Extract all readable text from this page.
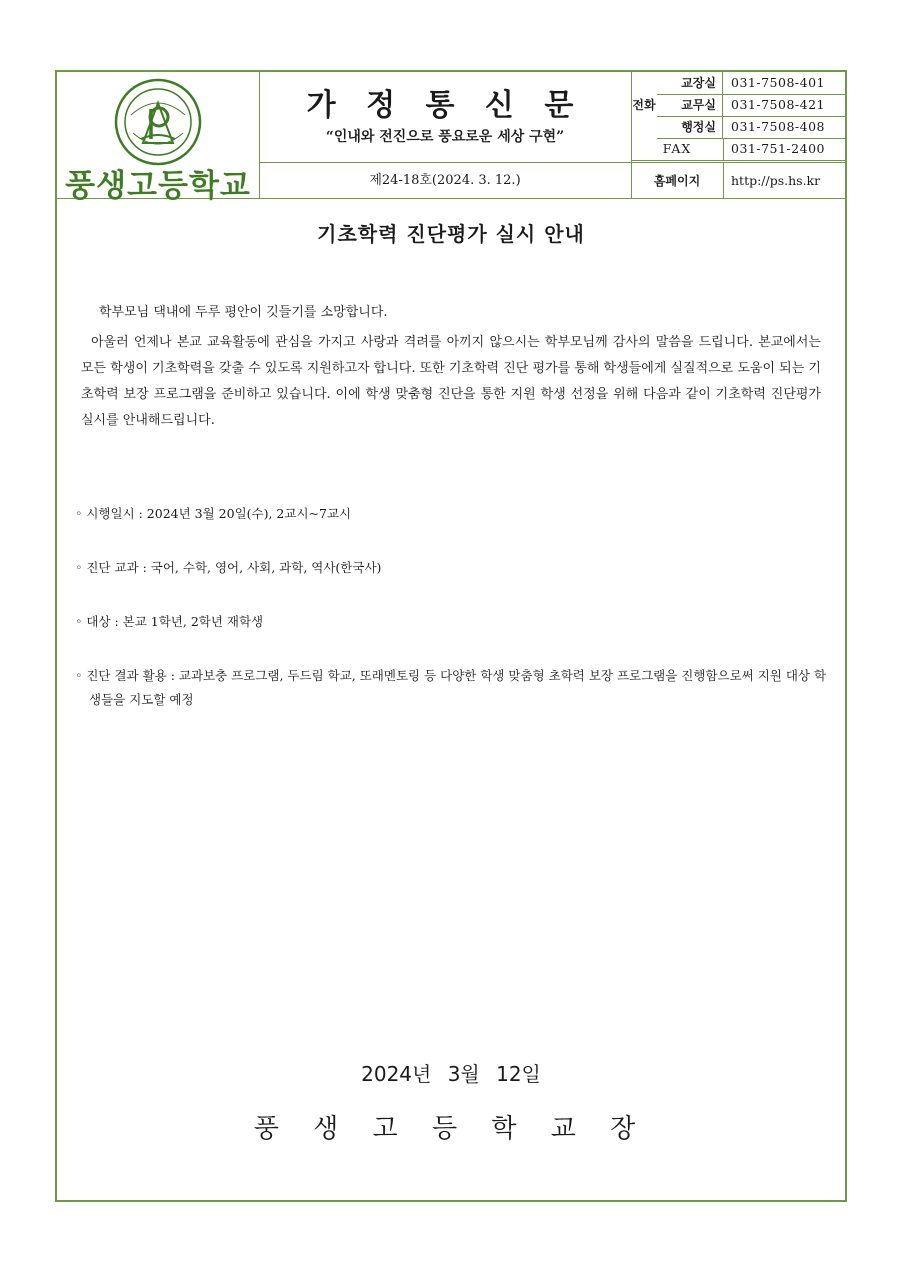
풍생고등학교
가 정 통 신 문
“인내와 전진으로 풍요로운 세상 구현”
제24-18호(2024. 3. 12.)
전화
교장실	031-7508-401
교무실	031-7508-421
행정실	031-7508-408
FAX	031-751-2400
홈페이지	http://ps.hs.kr
기초학력 진단평가 실시 안내
학부모님 댁내에 두루 평안이 깃들기를 소망합니다.
아울러 언제나 본교 교육활동에 관심을 가지고 사랑과 격려를 아끼지 않으시는 학부모님께 감사의 말씀을 드립니다. 본교에서는 모든 학생이 기초학력을 갖출 수 있도록 지원하고자 합니다. 또한 기초학력 진단 평가를 통해 학생들에게 실질적으로 도움이 되는 기초학력 보장 프로그램을 준비하고 있습니다. 이에 학생 맞춤형 진단을 통한 지원 학생 선정을 위해 다음과 같이 기초학력 진단평가 실시를 안내해드립니다.
◦ 시행일시 : 2024년 3월 20일(수), 2교시~7교시
◦ 진단 교과 : 국어, 수학, 영어, 사회, 과학, 역사(한국사)
◦ 대상 : 본교 1학년, 2학년 재학생
◦ 진단 결과 활용 : 교과보충 프로그램, 두드림 학교, 또래멘토링 등 다양한 학생 맞춤형 초학력 보장 프로그램을 진행함으로써 지원 대상 학생들을 지도할 예정
2024년 3월 12일
풍 생 고 등 학 교 장
